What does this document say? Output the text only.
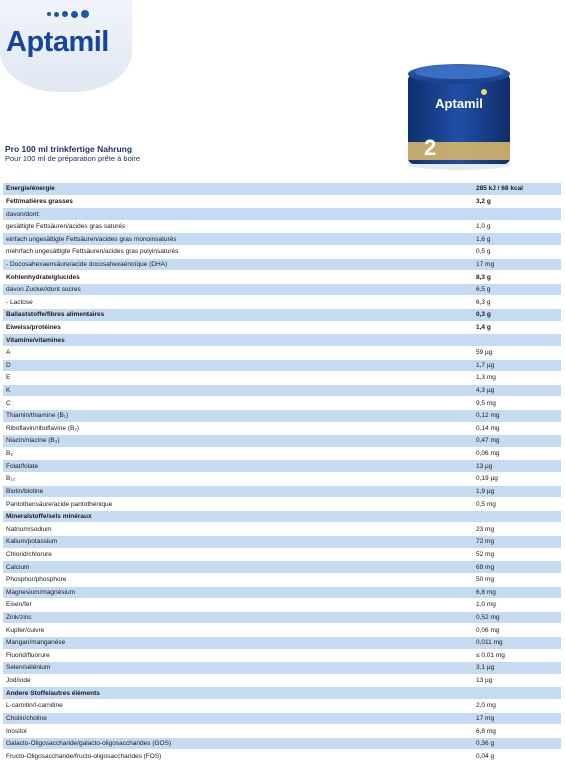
Aptamil
Aptamil
2
Pro 100 ml trinkfertige Nahrung
Pour 100 ml de préparation prête à boire
Energie/énergie	285 kJ / 68 kcal
Fett/matières grasses	3,2 g
davon/dont:	
gesättigte Fettsäuren/acides gras saturés	1,0 g
einfach ungesättigte Fettsäuren/acides gras monoinsaturés	1,6 g
mehrfach ungesättigte Fettsäuren/acides gras polyinsaturés	0,5 g
- Docosahexaensäure/acide docosahexaénoïque (DHA)	17 mg
Kohlenhydrate/glucides	8,3 g
davon Zucker/dont sucres	6,5 g
- Lactose	6,3 g
Ballaststoffe/fibres alimentaires	0,3 g
Eiweiss/protéines	1,4 g
Vitamine/vitamines	
A	59 µg
D	1,7 µg
E	1,3 mg
K	4,3 µg
C	9,5 mg
Thiamin/thiamine (B₁)	0,12 mg
Riboflavin/riboflavine (B₂)	0,14 mg
Niacin/niacine (B₃)	0,47 mg
B₆	0,06 mg
Folat/folate	13 µg
B₁₂	0,19 µg
Biotin/biotine	1,9 µg
Pantothensäure/acide pantothénique	0,5 mg
Mineralstoffe/sels minéraux	
Natrium/sodium	23 mg
Kalium/potassium	72 mg
Chlorid/chlorure	52 mg
Calcium	69 mg
Phosphor/phosphore	50 mg
Magnesium/magnésium	6,8 mg
Eisen/fer	1,0 mg
Zink/zinc	0,52 mg
Kupfer/cuivre	0,06 mg
Mangan/manganèse	0,011 mg
Fluorid/fluorure	≤ 0,01 mg
Selen/sélénium	3,1 µg
Jod/iode	13 µg
Andere Stoffe/autres éléments	
L-carnitin/l-carnitine	2,0 mg
Cholin/choline	17 mg
Inositol	6,8 mg
Galacto-Oligosaccharide/galacto-oligosaccharides (GOS)	0,36 g
Fructo-Oligosaccharide/fructo-oligosaccharides (FOS)	0,04 g
